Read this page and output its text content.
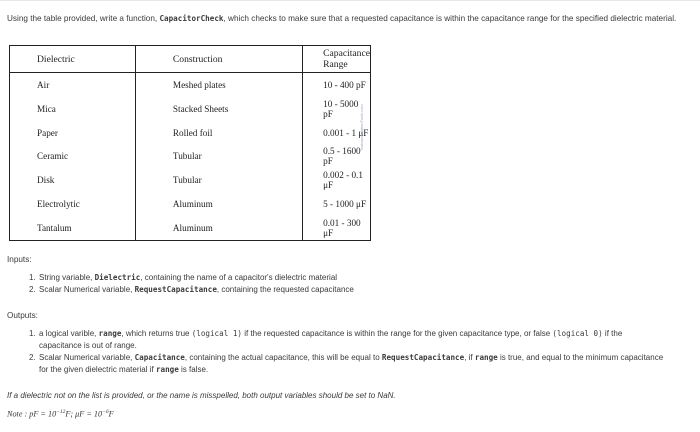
Using the table provided, write a function, CapacitorCheck, which checks to make sure that a requested capacitance is within the capacitance range for the specified dielectric material.

Dielectric	Construction	Capacitance Range
Air	Meshed plates	10 - 400 pF
Mica	Stacked Sheets	10 - 5000 pF
Paper	Rolled foil	0.001 - 1 μF
Ceramic	Tubular	0.5 - 1600 pF
Disk	Tubular	0.002 - 0.1 μF
Electrolytic	Aluminum	5 - 1000 μF
Tantalum	Aluminum	0.01 - 300 μF
InstrumentationTools.com
Inputs:
1. String variable, Dielectric, containing the name of a capacitor's dielectric material
2. Scalar Numerical variable, RequestCapacitance, containing the requested capacitance
Outputs:
1. a logical varible, range, which returns true (logical 1) if the requested capacitance is within the range for the given capacitance type, or false (logical 0) if the capacitance is out of range.
2. Scalar Numerical variable, Capacitance, containing the actual capacitance, this will be equal to RequestCapacitance, if range is true, and equal to the minimum capacitance for the given dielectric material if range is false.
If a dielectric not on the list is provided, or the name is misspelled, both output variables should be set to NaN.
Note : pF = $10^{-12}F$; $\mu F = 10^{-6}F$
